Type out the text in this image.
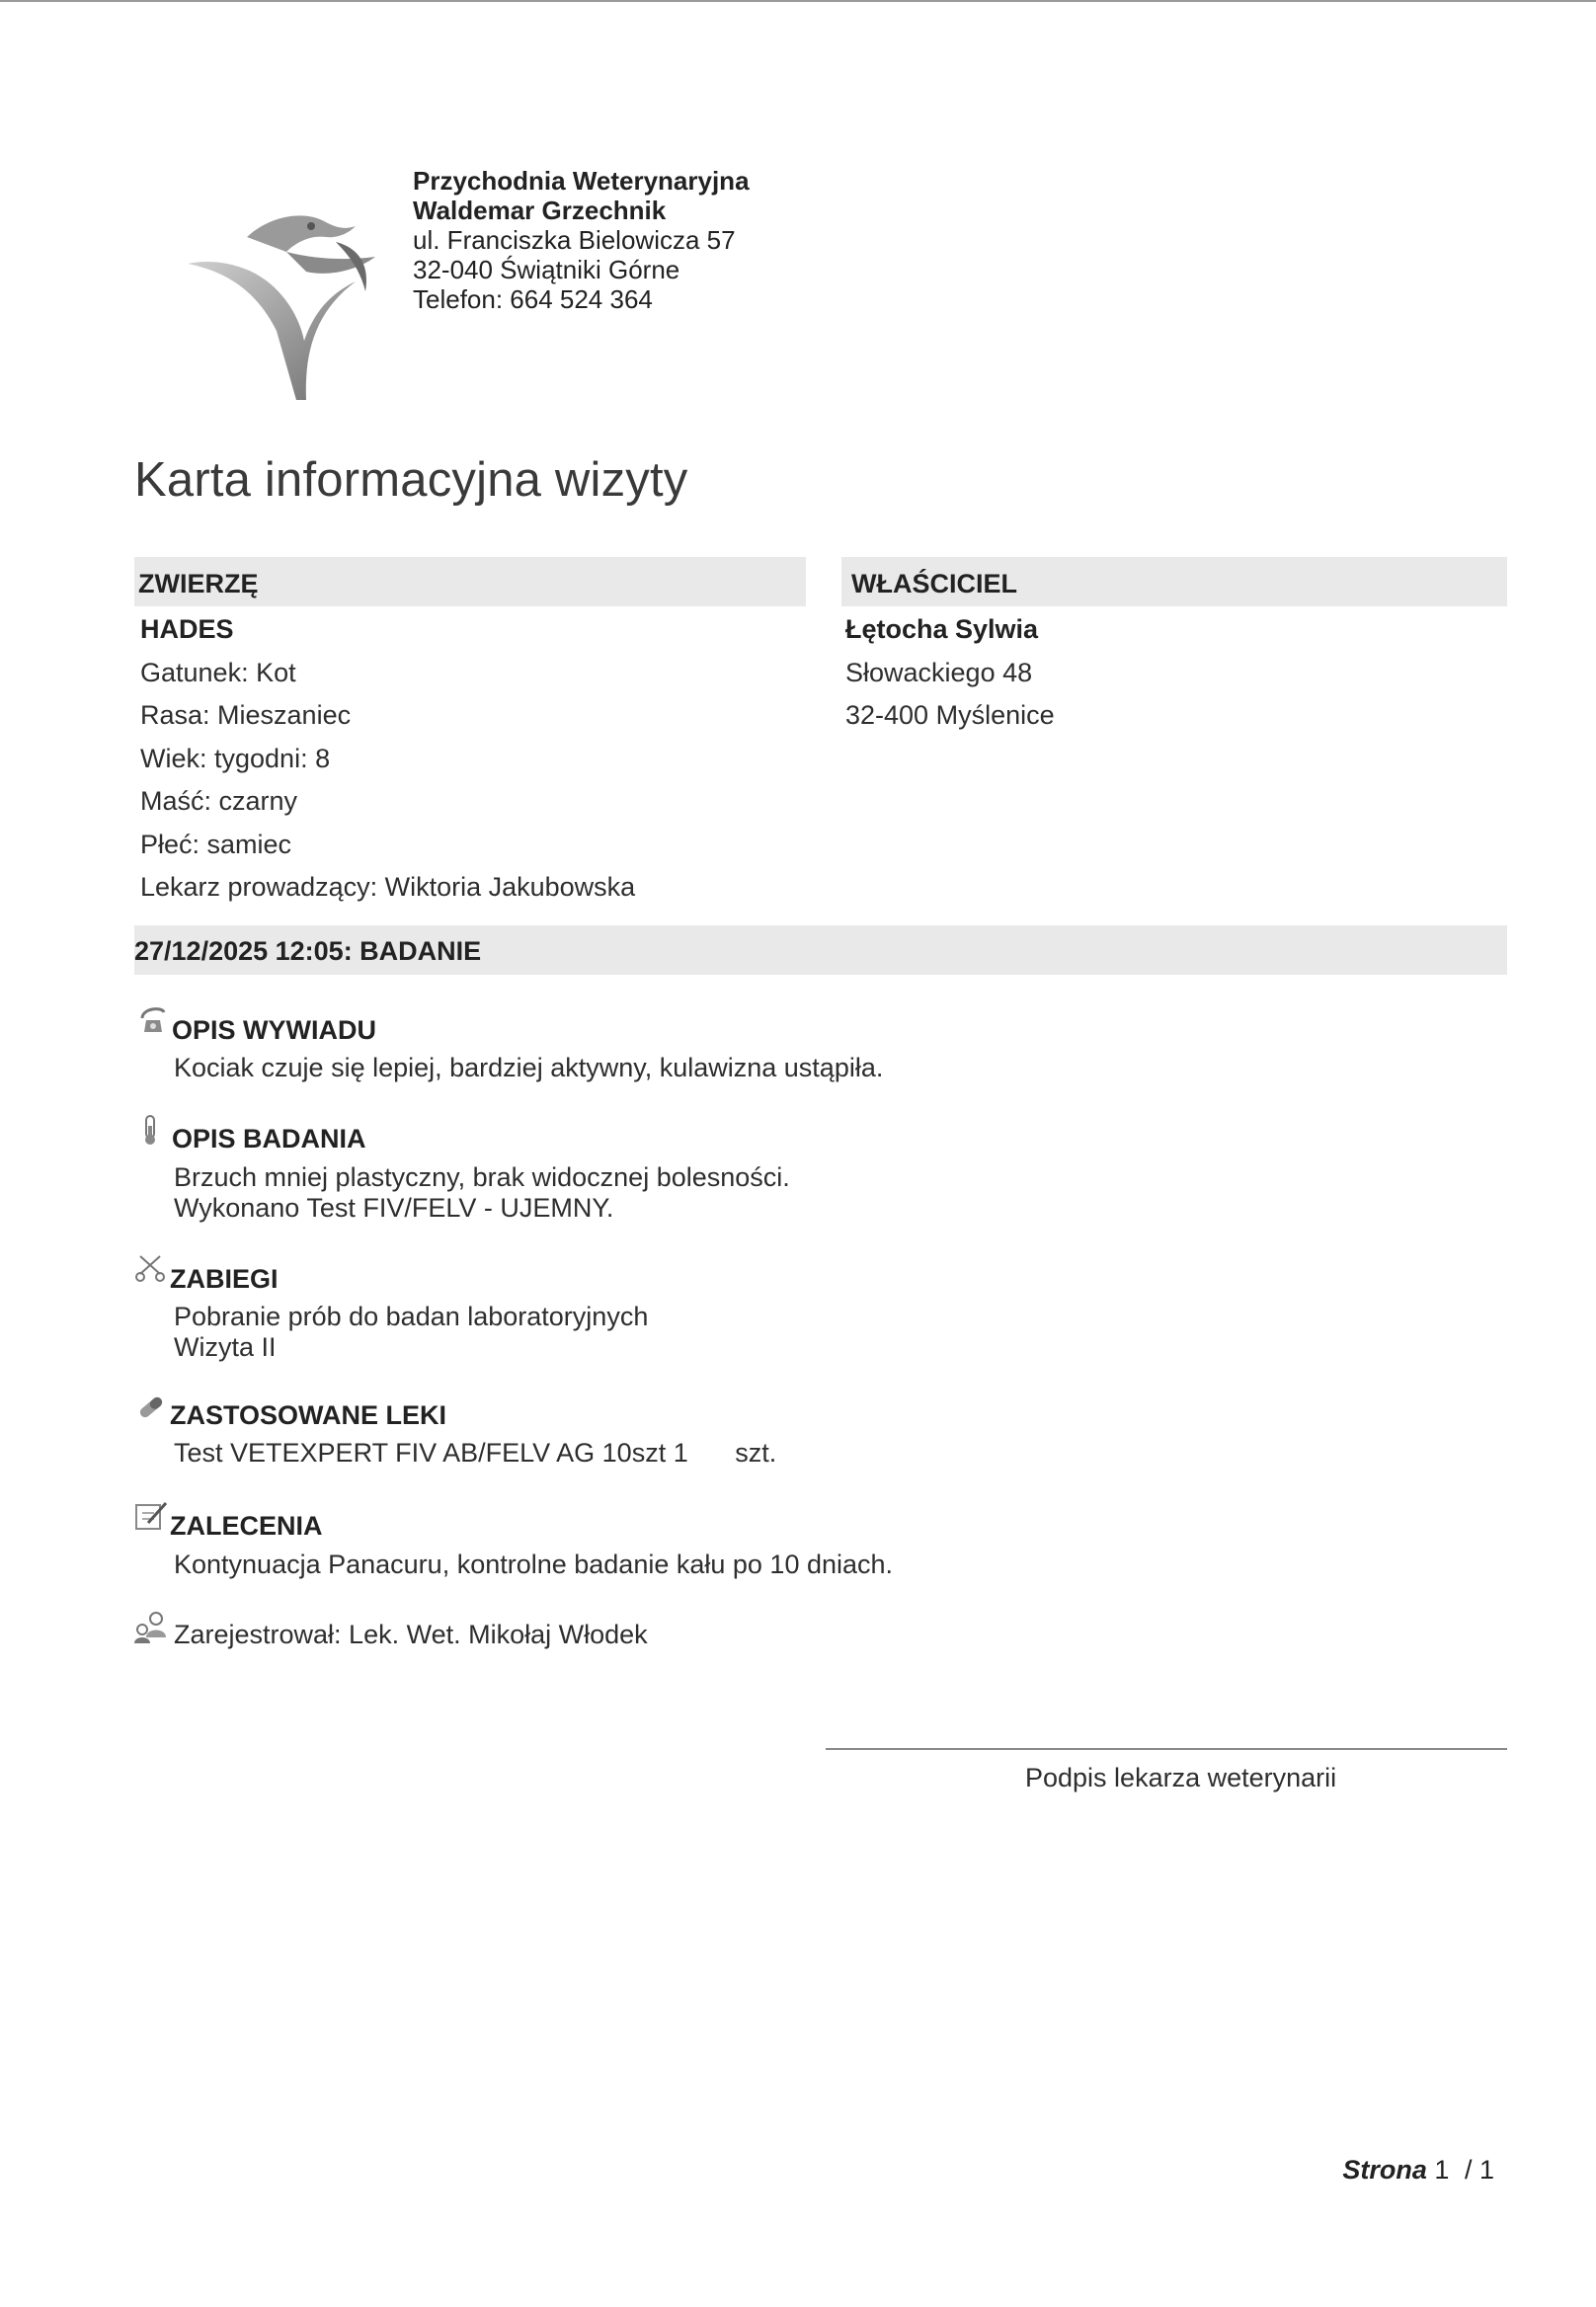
Przychodnia Weterynaryjna
Waldemar Grzechnik
ul. Franciszka Bielowicza 57
32-040 Świątniki Górne
Telefon: 664 524 364
Karta informacyjna wizyty
ZWIERZĘ	WŁAŚCICIEL
HADES
Gatunek: Kot
Rasa: Mieszaniec
Wiek: tygodni: 8
Maść: czarny
Płeć: samiec
Lekarz prowadzący: Wiktoria Jakubowska
Łętocha Sylwia
Słowackiego 48
32-400 Myślenice
27/12/2025 12:05: BADANIE
OPIS WYWIADU
Kociak czuje się lepiej, bardziej aktywny, kulawizna ustąpiła.
OPIS BADANIA
Brzuch mniej plastyczny, brak widocznej bolesności.
Wykonano Test FIV/FELV - UJEMNY.
ZABIEGI
Pobranie prób do badan laboratoryjnych
Wizyta II
ZASTOSOWANE LEKI
Test VETEXPERT FIV AB/FELV AG 10szt 1 szt.
ZALECENIA
Kontynuacja Panacuru, kontrolne badanie kału po 10 dniach.
Zarejestrował: Lek. Wet. Mikołaj Włodek
Podpis lekarza weterynarii
Strona 1 / 1
